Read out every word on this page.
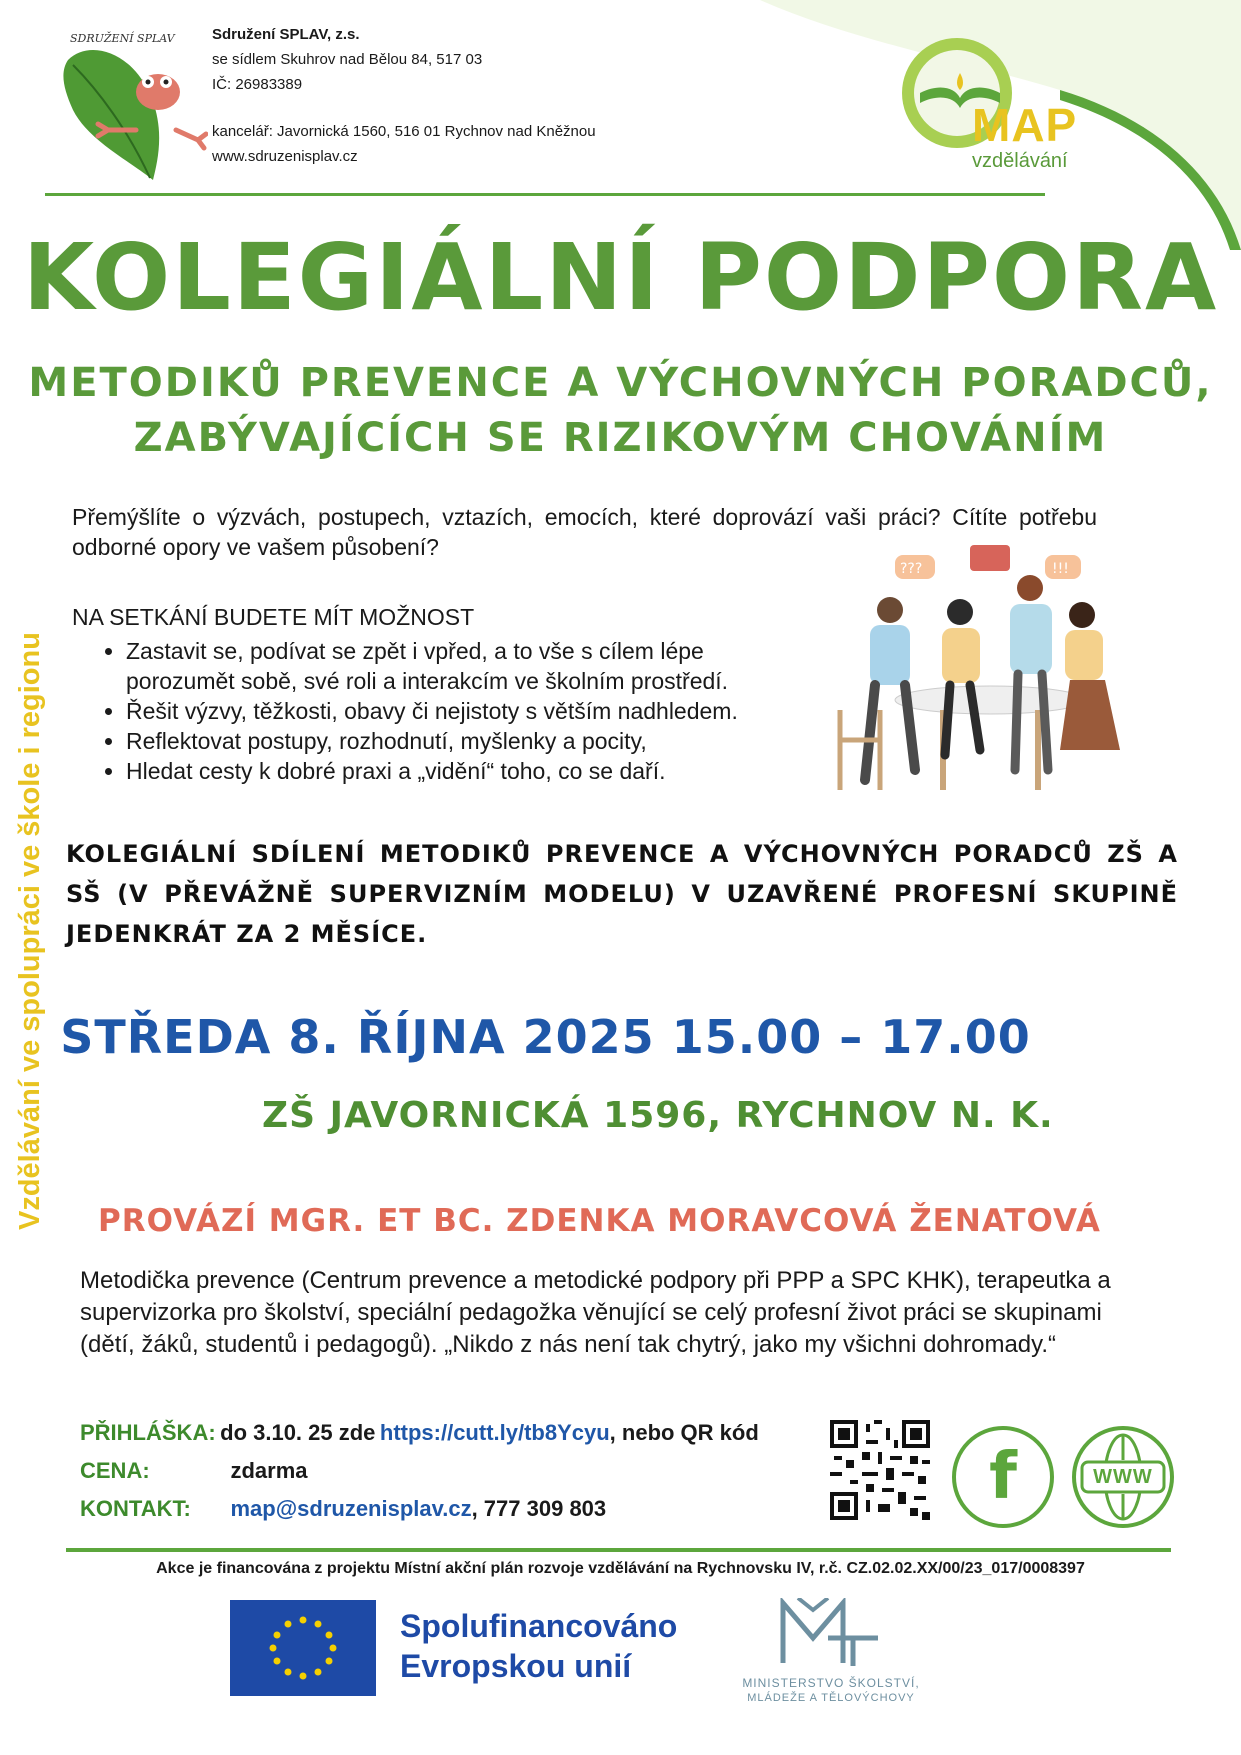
SDRUŽENÍ SPLAV Sdružení SPLAV, z.s.
se sídlem Skuhrov nad Bělou 84, 517 03
IČ: 26983389
kancelář: Javornická 1560, 516 01 Rychnov nad Kněžnou
www.sdruzenisplav.cz
MAP
vzdělávání
KOLEGIÁLNÍ PODPORA
METODIKŮ PREVENCE A VÝCHOVNÝCH PORADCŮ,
ZABÝVAJÍCÍCH SE RIZIKOVÝM CHOVÁNÍM
Vzdělávání ve spolupráci ve škole i regionu
Přemýšlíte o výzvách, postupech, vztazích, emocích, které doprovází vaši práci? Cítíte potřebu odborné opory ve vašem působení?
NA SETKÁNÍ BUDETE MÍT MOŽNOST
• Zastavit se, podívat se zpět i vpřed, a to vše s cílem lépe porozumět sobě, své roli a interakcím ve školním prostředí.
• Řešit výzvy, těžkosti, obavy či nejistoty s větším nadhledem.
• Reflektovat postupy, rozhodnutí, myšlenky a pocity,
• Hledat cesty k dobré praxi a „vidění“ toho, co se daří.
???	!!!
KOLEGIÁLNÍ SDÍLENÍ METODIKŮ PREVENCE A VÝCHOVNÝCH PORADCŮ ZŠ A SŠ (V PŘEVÁŽNĚ SUPERVIZNÍM MODELU) V UZAVŘENÉ PROFESNÍ SKUPINĚ JEDENKRÁT ZA 2 MĚSÍCE.
STŘEDA 8. ŘÍJNA 2025 15.00 – 17.00
ZŠ JAVORNICKÁ 1596, RYCHNOV N. K.
PROVÁZÍ MGR. ET BC. ZDENKA MORAVCOVÁ ŽENATOVÁ
Metodička prevence (Centrum prevence a metodické podpory při PPP a SPC KHK), terapeutka a supervizorka pro školství, speciální pedagožka věnující se celý profesní život práci se skupinami (dětí, žáků, studentů i pedagogů). „Nikdo z nás není tak chytrý, jako my všichni dohromady.“
PŘIHLÁŠKA: do 3.10. 25 zde https://cutt.ly/tb8Ycyu, nebo QR kód
CENA:	zdarma
KONTAKT: map@sdruzenisplav.cz, 777 309 803	f	WWW
Akce je financována z projektu Místní akční plán rozvoje vzdělávání na Rychnovsku IV, r.č. CZ.02.02.XX/00/23_017/0008397
Spolufinancováno
Evropskou unií	MINISTERSTVO ŠKOLSTVÍ,
MLÁDEŽE A TĚLOVÝCHOVY
